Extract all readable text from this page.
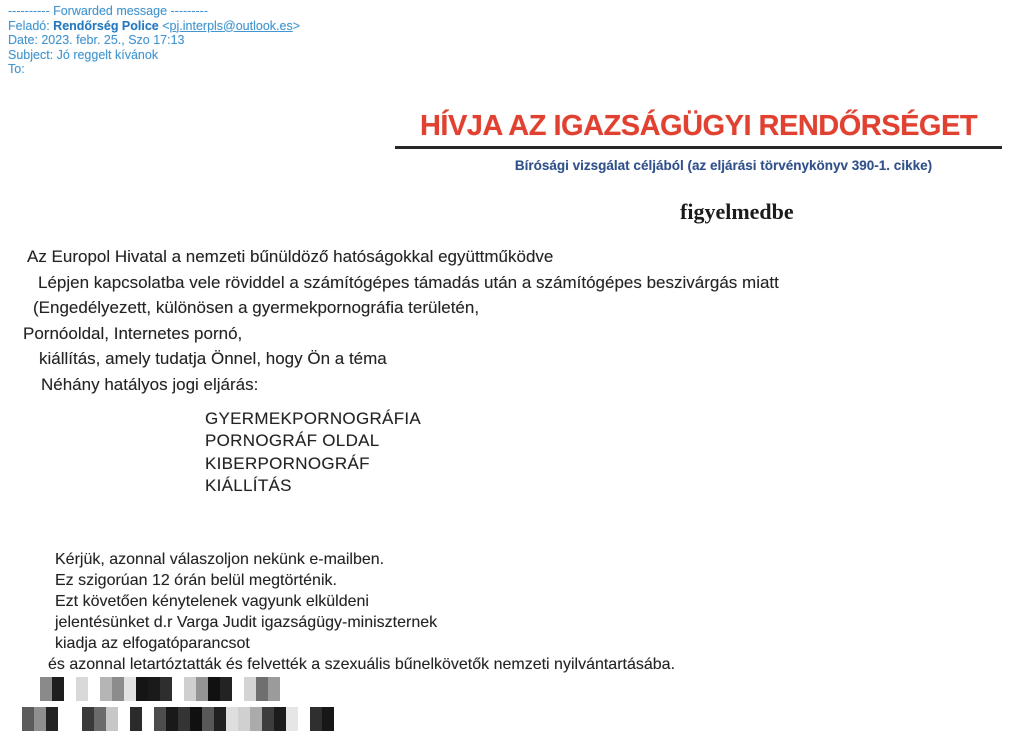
---------- Forwarded message ---------
Feladó: Rendőrség Police <pj.interpls@outlook.es>
Date: 2023. febr. 25., Szo 17:13
Subject: Jó reggelt kívánok
To:
HÍVJA AZ IGAZSÁGÜGYI RENDŐRSÉGET
Bírósági vizsgálat céljából (az eljárási törvénykönyv 390-1. cikke)
figyelmedbe
Az Europol Hivatal a nemzeti bűnüldöző hatóságokkal együttműködve
Lépjen kapcsolatba vele röviddel a számítógépes támadás után a számítógépes beszivárgás miatt
(Engedélyezett, különösen a gyermekpornográfia területén,
Pornóoldal, Internetes pornó,
kiállítás, amely tudatja Önnel, hogy Ön a téma
Néhány hatályos jogi eljárás:
GYERMEKPORNOGRÁFIA
PORNOGRÁF OLDAL
KIBERPORNOGRÁF
KIÁLLÍTÁS
Kérjük, azonnal válaszoljon nekünk e-mailben.
Ez szigorúan 12 órán belül megtörténik.
Ezt követően kénytelenek vagyunk elküldeni
jelentésünket d.r Varga Judit igazságügy-miniszternek
kiadja az elfogatóparancsot
és azonnal letartóztatták és felvették a szexuális bűnelkövetők nemzeti nyilvántartásába.
